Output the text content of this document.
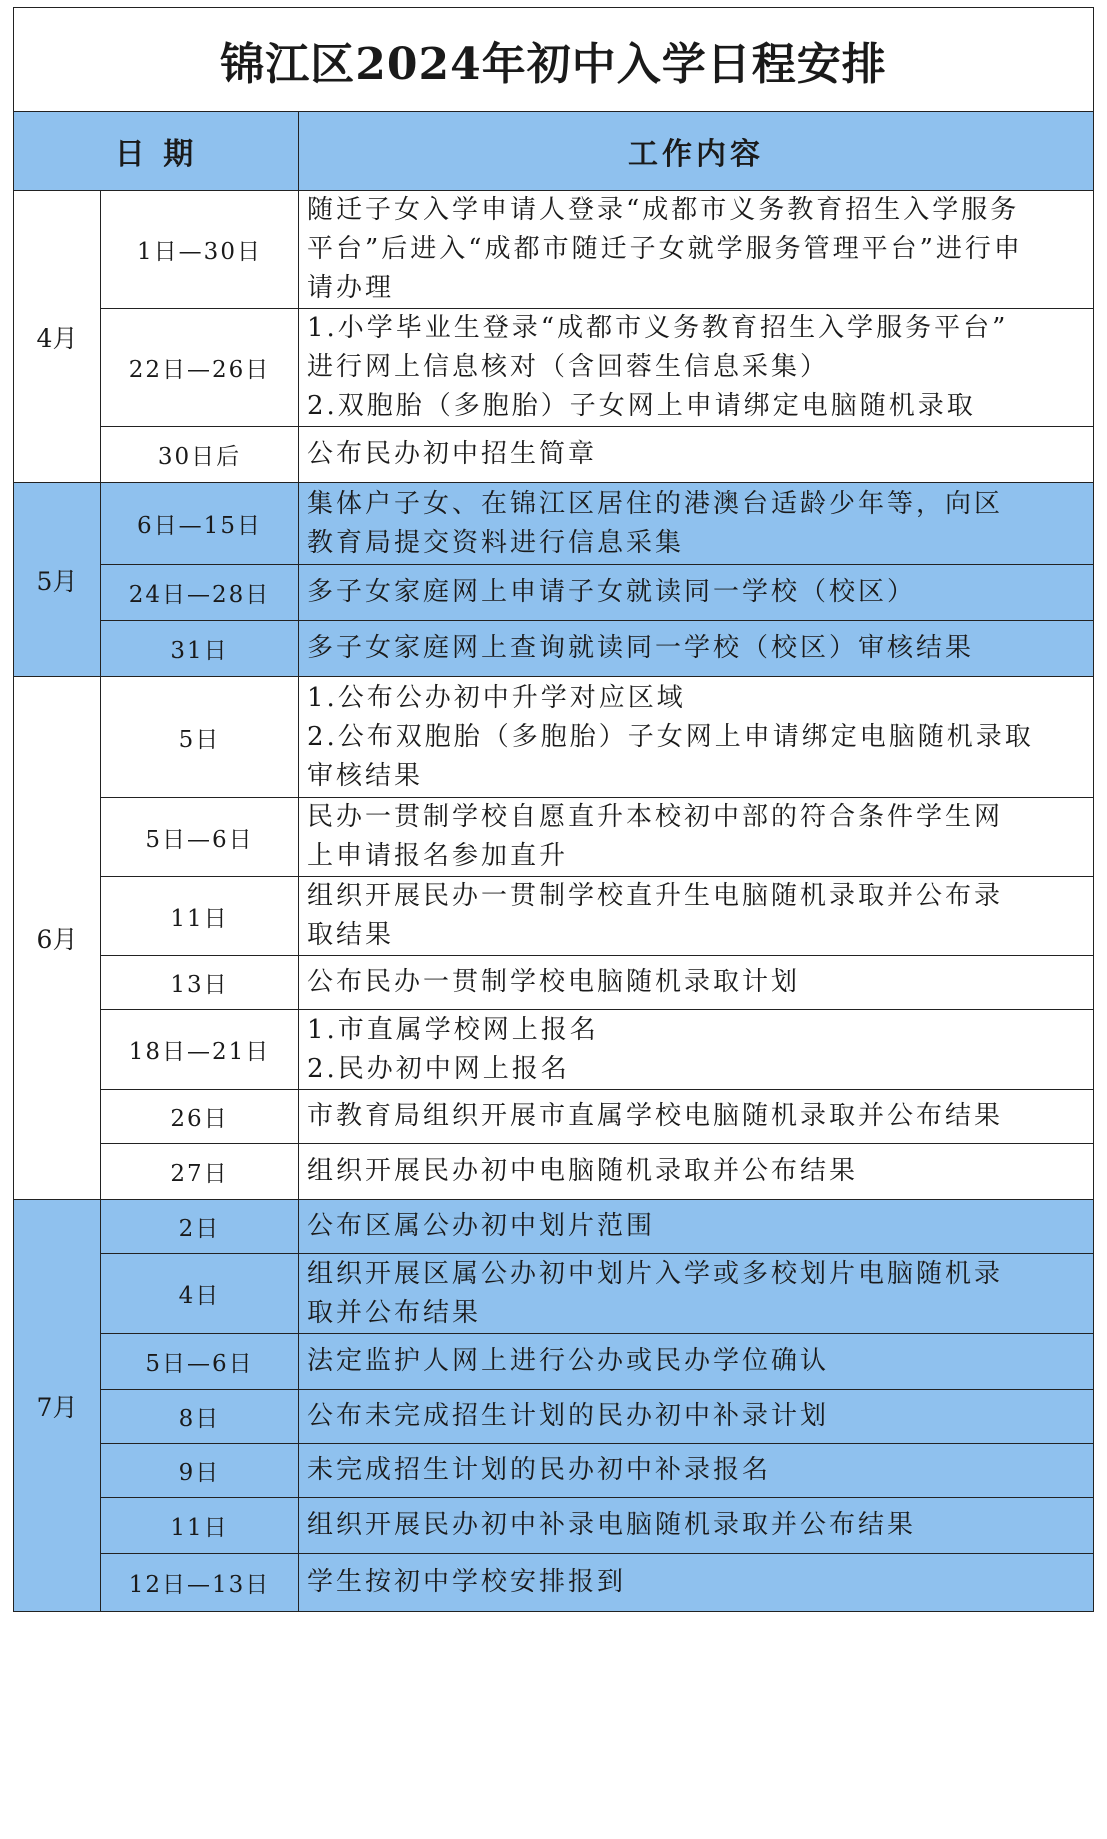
锦江区2024年初中入学日程安排		
日 期		工作内容
4月	1日—30日	随迁子女入学申请人登录“成都市义务教育招生入学服务
平台”后进入“成都市随迁子女就学服务管理平台”进行申
请办理
	22日—26日	1.小学毕业生登录“成都市义务教育招生入学服务平台”
进行网上信息核对（含回蓉生信息采集）
2.双胞胎（多胞胎）子女网上申请绑定电脑随机录取
	30日后	公布民办初中招生简章
5月	6日—15日	集体户子女、在锦江区居住的港澳台适龄少年等，向区
教育局提交资料进行信息采集
	24日—28日	多子女家庭网上申请子女就读同一学校（校区）
	31日	多子女家庭网上查询就读同一学校（校区）审核结果
6月	5日	1.公布公办初中升学对应区域
2.公布双胞胎（多胞胎）子女网上申请绑定电脑随机录取
审核结果
	5日—6日	民办一贯制学校自愿直升本校初中部的符合条件学生网
上申请报名参加直升
	11日	组织开展民办一贯制学校直升生电脑随机录取并公布录
取结果
	13日	公布民办一贯制学校电脑随机录取计划
	18日—21日	1.市直属学校网上报名
2.民办初中网上报名
	26日	市教育局组织开展市直属学校电脑随机录取并公布结果
	27日	组织开展民办初中电脑随机录取并公布结果
7月	2日	公布区属公办初中划片范围
	4日	组织开展区属公办初中划片入学或多校划片电脑随机录
取并公布结果
	5日—6日	法定监护人网上进行公办或民办学位确认
	8日	公布未完成招生计划的民办初中补录计划
	9日	未完成招生计划的民办初中补录报名
	11日	组织开展民办初中补录电脑随机录取并公布结果
	12日—13日	学生按初中学校安排报到
